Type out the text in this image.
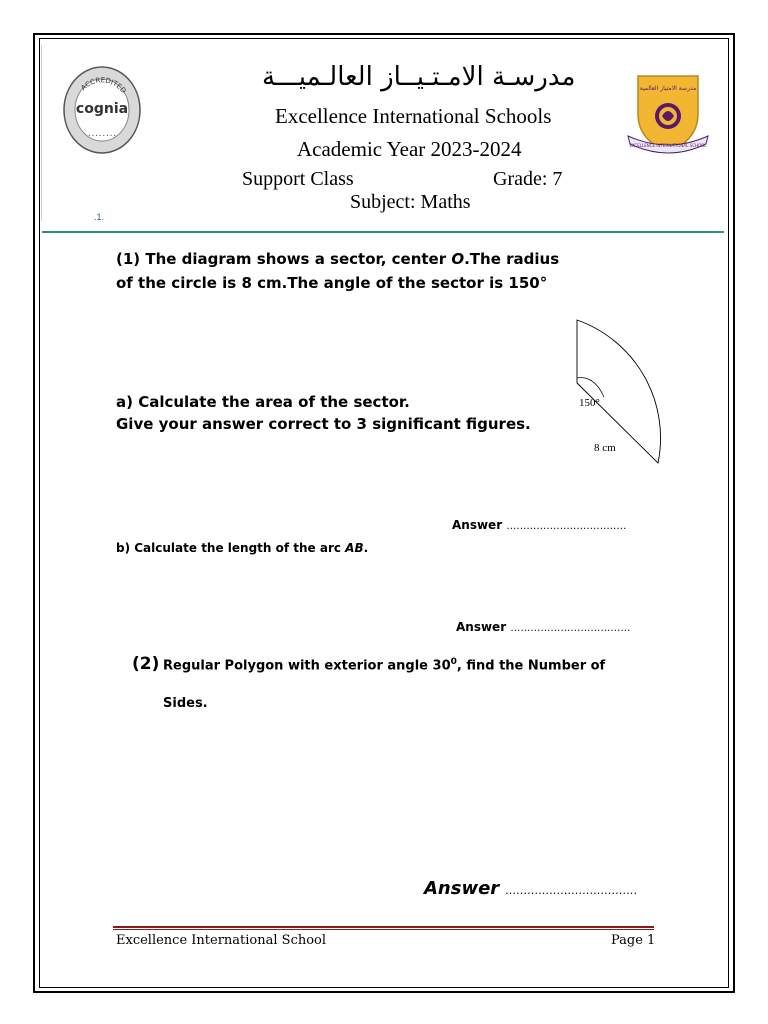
.1.
ACCREDITED
cognia
• • • • • • • •
مدرسـة الامـتـيــاز العالـميـــة
Excellence International Schools
Academic Year 2023-2024
Support Class	Grade: 7
Subject: Maths
مدرسة الامتياز العالمية
EXCELLENCE INTERNATIONAL SCHOOL
(1) The diagram shows a sector, center O.The radius
of the circle is 8 cm.The angle of the sector is 150°
150°
8 cm
a) Calculate the area of the sector.
Give your answer correct to 3 significant figures.
Answer ………………………………
b) Calculate the length of the arc AB.
Answer ………………………………
(2) Regular Polygon with exterior angle $30^0$, find the Number of
Sides.
Answer ………………………………
Excellence International School	Page 1
